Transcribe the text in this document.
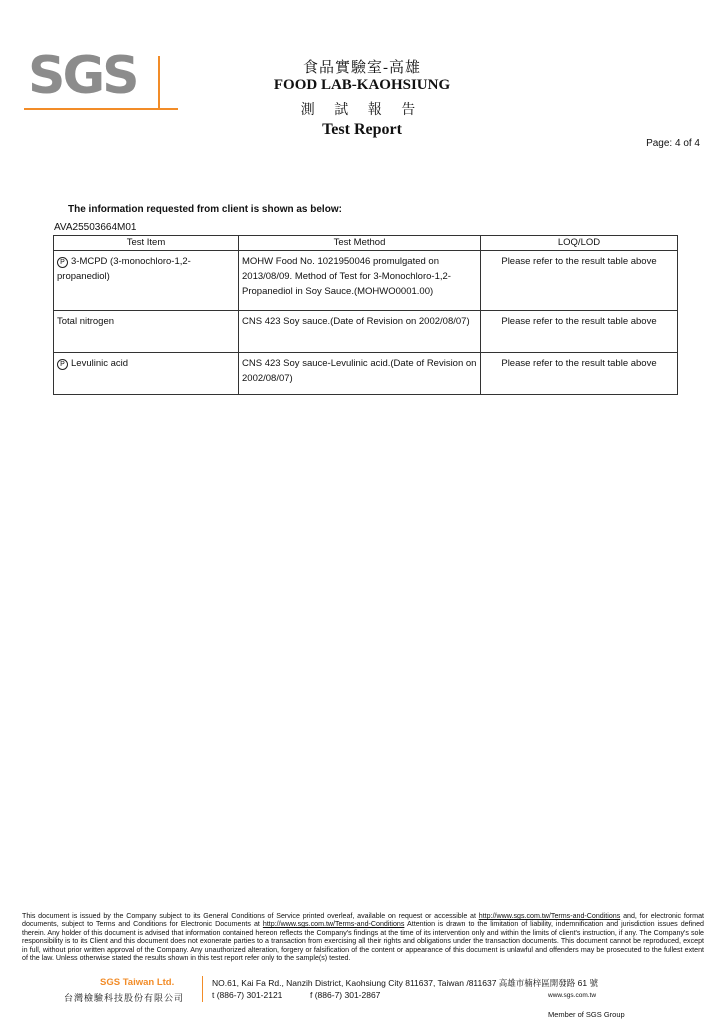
SGS	食品實驗室-高雄
FOOD LAB-KAOHSIUNG
測 試 報 告
Test Report
Page: 4 of 4
The information requested from client is shown as below:
AVA25503664M01
Test Item	Test Method	LOQ/LOD
P 3-MCPD (3-monochloro-1,2-propanediol)	MOHW Food No. 1021950046 promulgated on 2013/08/09. Method of Test for 3-Monochloro-1,2-Propanediol in Soy Sauce.(MOHWO0001.00)	Please refer to the result table above
Total nitrogen	CNS 423 Soy sauce.(Date of Revision on 2002/08/07)	Please refer to the result table above
P Levulinic acid	CNS 423 Soy sauce-Levulinic acid.(Date of Revision on 2002/08/07)	Please refer to the result table above
This document is issued by the Company subject to its General Conditions of Service printed overleaf, available on request or accessible at http://www.sgs.com.tw/Terms-and-Conditions and, for electronic format documents, subject to Terms and Conditions for Electronic Documents at http://www.sgs.com.tw/Terms-and-Conditions Attention is drawn to the limitation of liability, indemnification and jurisdiction issues defined therein. Any holder of this document is advised that information contained hereon reflects the Company's findings at the time of its intervention only and within the limits of client's instruction, if any. The Company's sole responsibility is to its Client and this document does not exonerate parties to a transaction from exercising all their rights and obligations under the transaction documents. This document cannot be reproduced, except in full, without prior written approval of the Company. Any unauthorized alteration, forgery or falsification of the content or appearance of this document is unlawful and offenders may be prosecuted to the fullest extent of the law. Unless otherwise stated the results shown in this test report refer only to the sample(s) tested.
SGS Taiwan Ltd.
台灣檢驗科技股份有限公司
NO.61, Kai Fa Rd., Nanzih District, Kaohsiung City 811637, Taiwan /811637 高雄市楠梓區開發路 61 號
t (886-7) 301-2121	f (886-7) 301-2867	www.sgs.com.tw
Member of SGS Group
